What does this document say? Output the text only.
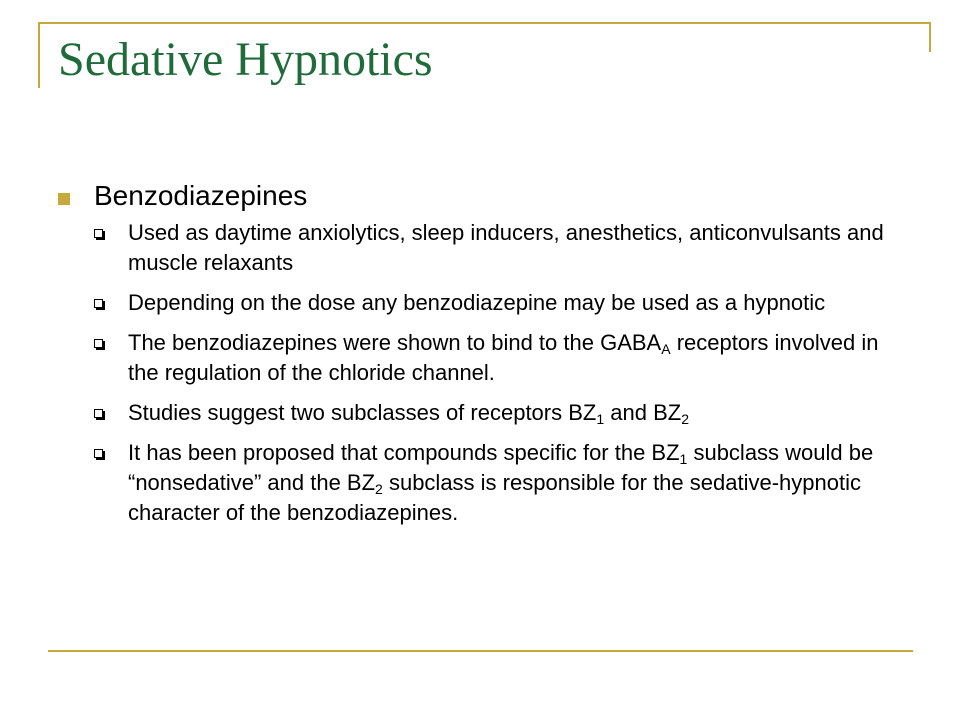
Sedative Hypnotics
Benzodiazepines
Used as daytime anxiolytics, sleep inducers, anesthetics, anticonvulsants and muscle relaxants
Depending on the dose any benzodiazepine may be used as a hypnotic
The benzodiazepines were shown to bind to the $GABA_A$ receptors involved in the regulation of the chloride channel.
Studies suggest two subclasses of receptors $BZ_1$ and $BZ_2$
It has been proposed that compounds specific for the $BZ_1$ subclass would be “nonsedative” and the $BZ_2$ subclass is responsible for the sedative-hypnotic character of the benzodiazepines.
